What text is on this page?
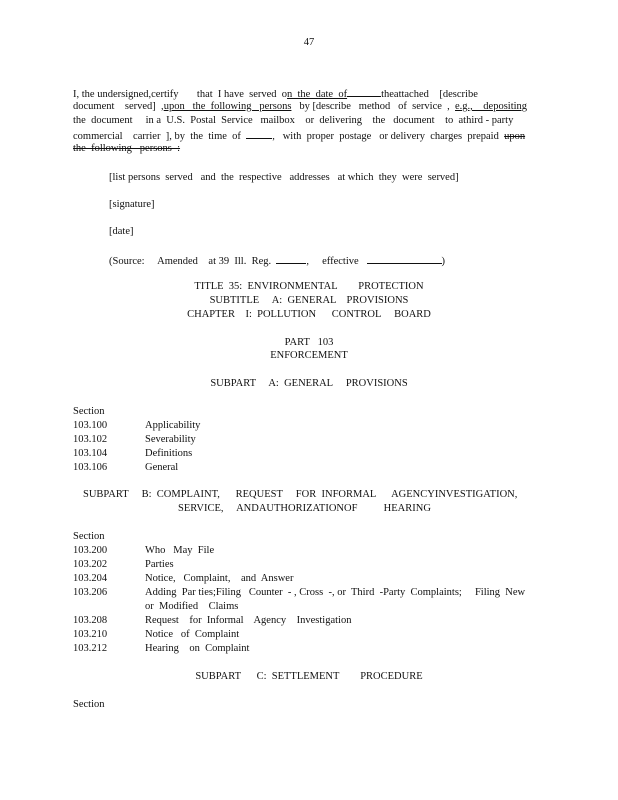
47
I, the undersigned,certify       that  I have  served  on  the  date  of	theattached    [describe
document    served]  ,upon   the  following   persons   by [describe   method   of  service  ,  e.g.,    depositing
the  document     in a  U.S.  Postal  Service   mailbox    or  delivering    the   document    to  athird - party
commercial    carrier  ], by  the  time  of  ,   with  proper  postage   or delivery  charges  prepaid  upon
the  following   persons  :
[list persons  served   and  the  respective   addresses   at which  they  were  served]
[signature]
[date]
(Source:     Amended    at 39  Ill.  Reg.	,     effective	)
TITLE  35:  ENVIRONMENTAL        PROTECTION
SUBTITLE     A:  GENERAL    PROVISIONS
CHAPTER    I:  POLLUTION      CONTROL     BOARD
PART   103
ENFORCEMENT
SUBPART     A:  GENERAL     PROVISIONS
Section
103.100	Applicability
103.102	Severability
103.104	Definitions
103.106	General
SUBPART     B:  COMPLAINT,      REQUEST     FOR  INFORMAL      AGENCYINVESTIGATION,
SERVICE,     ANDAUTHORIZATIONOF          HEARING
Section
103.200	Who   May  File
103.202	Parties
103.204	Notice,   Complaint,    and  Answer
103.206	Adding  Par ties;Filing   Counter  - , Cross  -, or  Third  -Party  Complaints;     Filing  New
or  Modified    Claims
103.208	Request    for  Informal    Agency    Investigation
103.210	Notice   of  Complaint
103.212	Hearing    on  Complaint
SUBPART      C:  SETTLEMENT        PROCEDURE
Section
